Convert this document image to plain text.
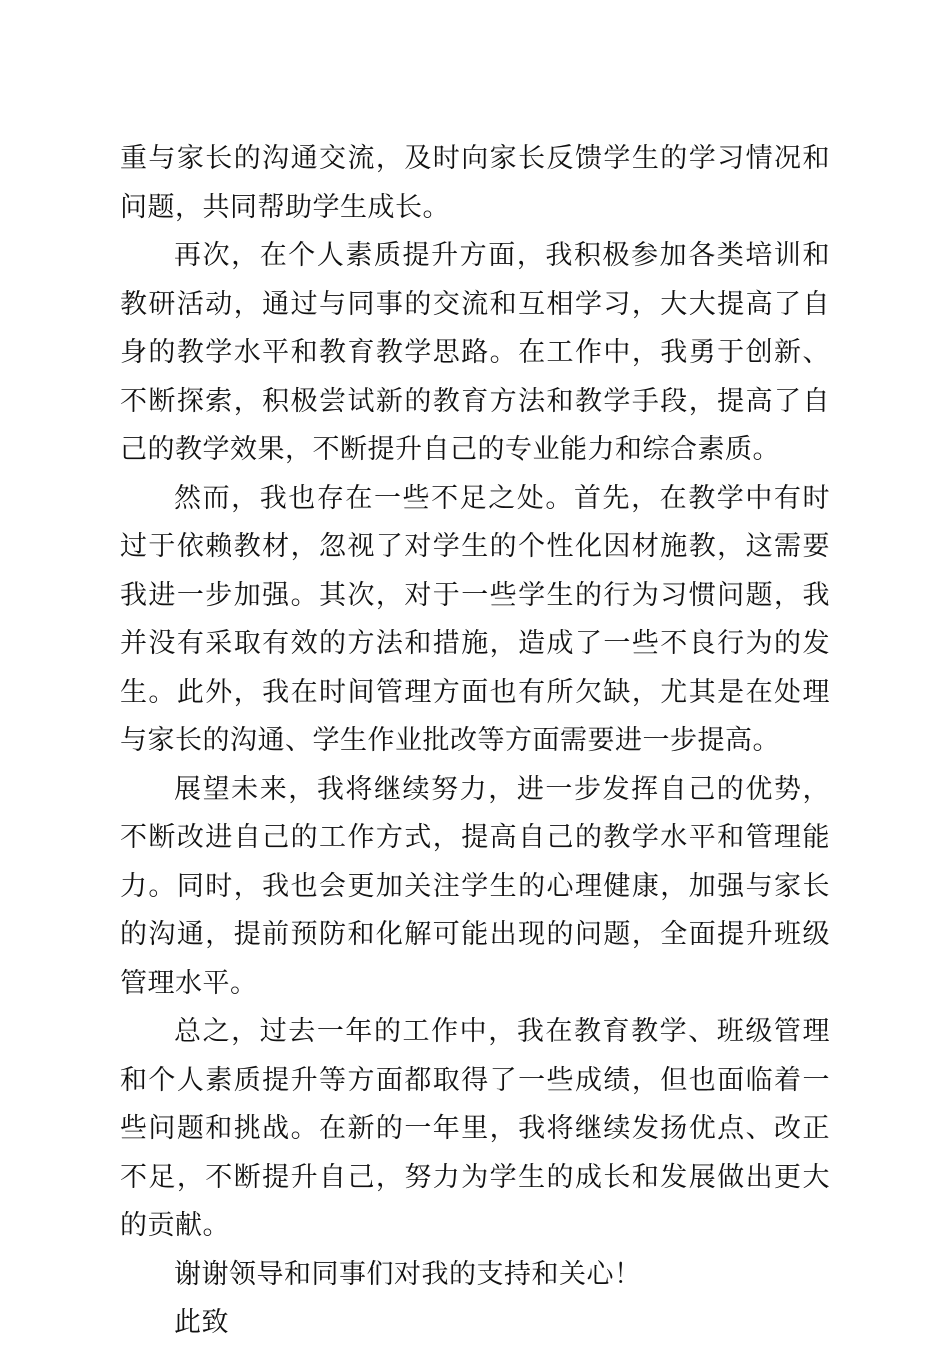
重与家长的沟通交流，及时向家长反馈学生的学习情况和问题，共同帮助学生成长。

再次，在个人素质提升方面，我积极参加各类培训和教研活动，通过与同事的交流和互相学习，大大提高了自身的教学水平和教育教学思路。在工作中，我勇于创新、不断探索，积极尝试新的教育方法和教学手段，提高了自己的教学效果，不断提升自己的专业能力和综合素质。

然而，我也存在一些不足之处。首先，在教学中有时过于依赖教材，忽视了对学生的个性化因材施教，这需要我进一步加强。其次，对于一些学生的行为习惯问题，我并没有采取有效的方法和措施，造成了一些不良行为的发生。此外，我在时间管理方面也有所欠缺，尤其是在处理与家长的沟通、学生作业批改等方面需要进一步提高。

展望未来，我将继续努力，进一步发挥自己的优势，不断改进自己的工作方式，提高自己的教学水平和管理能力。同时，我也会更加关注学生的心理健康，加强与家长的沟通，提前预防和化解可能出现的问题，全面提升班级管理水平。

总之，过去一年的工作中，我在教育教学、班级管理和个人素质提升等方面都取得了一些成绩，但也面临着一些问题和挑战。在新的一年里，我将继续发扬优点、改正不足，不断提升自己，努力为学生的成长和发展做出更大的贡献。

谢谢领导和同事们对我的支持和关心！

此致
